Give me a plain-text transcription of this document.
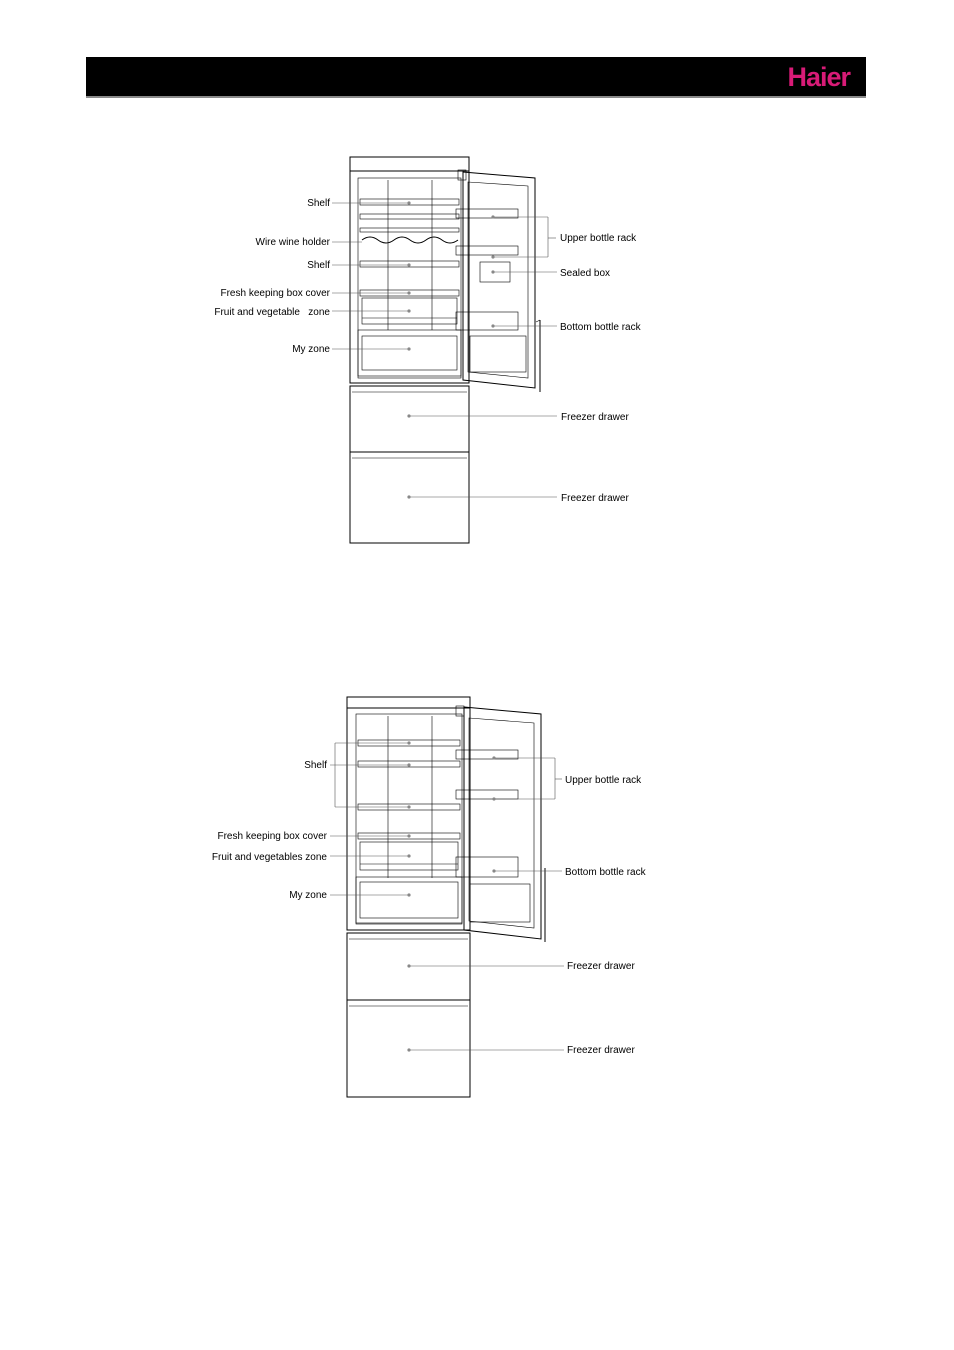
Haier
Shelf
Wire wine holder
Shelf
Fresh keeping box cover
Fruit and vegetable   zone
My zone
Upper bottle rack
Sealed box
Bottom bottle rack
Freezer drawer
Freezer drawer
Shelf
Fresh keeping box cover
Fruit and vegetables zone
My zone
Upper bottle rack
Bottom bottle rack
Freezer drawer
Freezer drawer
